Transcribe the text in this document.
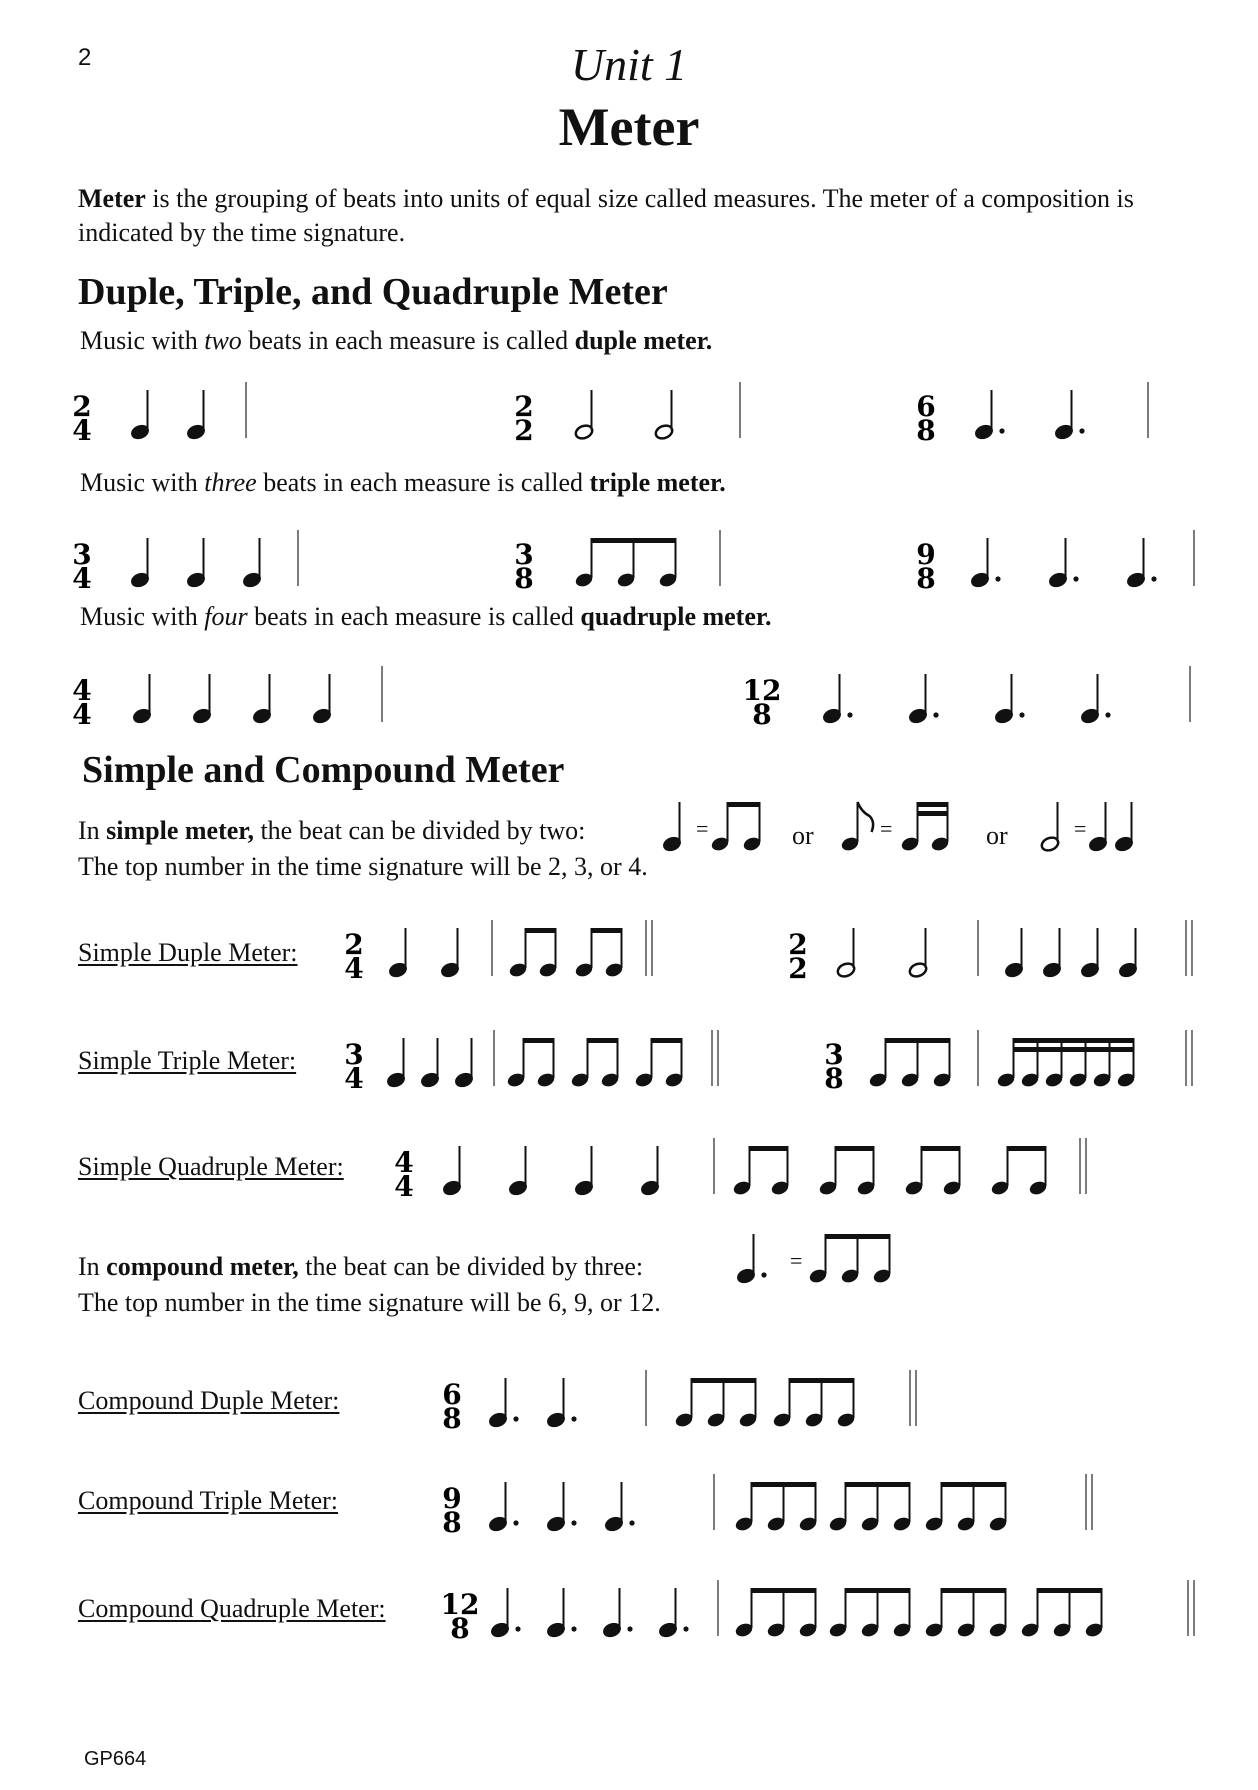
2	Unit 1
Meter
Meter is the grouping of beats into units of equal size called measures. The meter of a composition is indicated by the time signature.
Duple, Triple, and Quadruple Meter
Music with two beats in each measure is called duple meter.
2
4
2
2
6
8
Music with three beats in each measure is called triple meter.
3
4
3
8
9
8
Music with four beats in each measure is called quadruple meter.
4
4
12
8
Simple and Compound Meter
In simple meter, the beat can be divided by two:	=	or	=	or	=
The top number in the time signature will be 2, 3, or 4.
Simple Duple Meter: 2
4
2
2
Simple Triple Meter: 3
4
3
8
Simple Quadruple Meter: 4
4
In compound meter, the beat can be divided by three:	=
The top number in the time signature will be 6, 9, or 12.
Compound Duple Meter:	6
8
Compound Triple Meter:	9
8
Compound Quadruple Meter: 12
8
GP664
